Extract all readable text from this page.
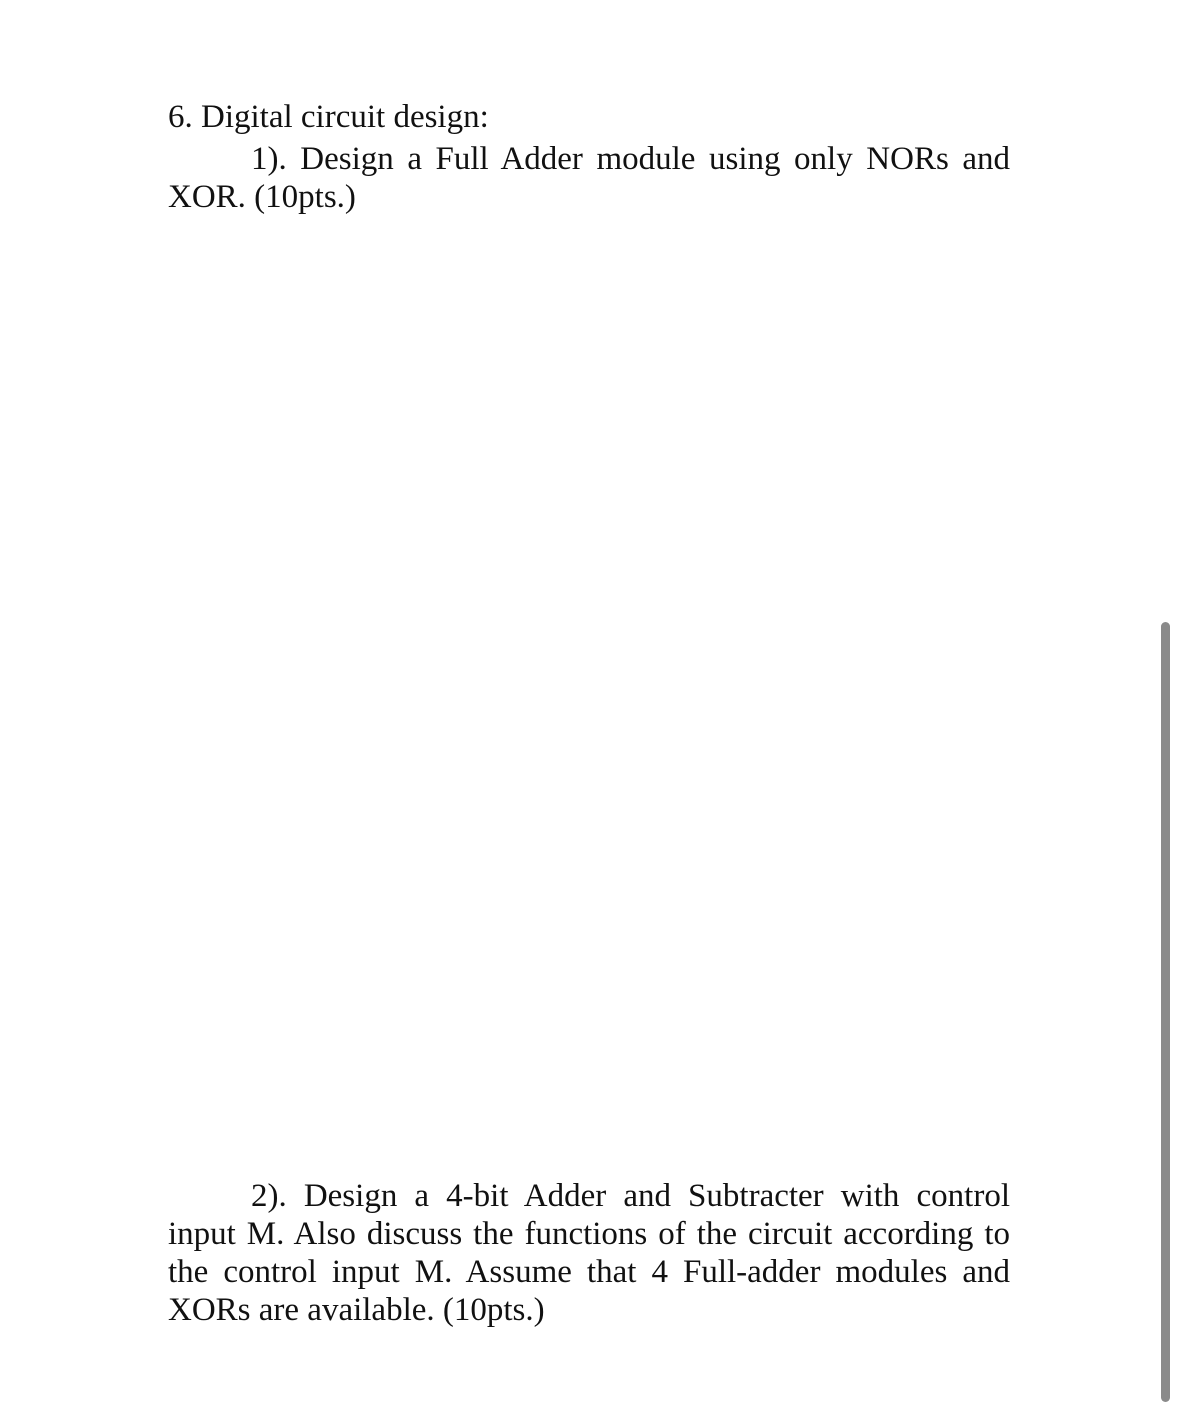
6. Digital circuit design:

1). Design a Full Adder module using only NORs and XOR. (10pts.)

2). Design a 4-bit Adder and Subtracter with control input M. Also discuss the functions of the circuit according to the control input M. Assume that 4 Full-adder modules and XORs are available. (10pts.)
